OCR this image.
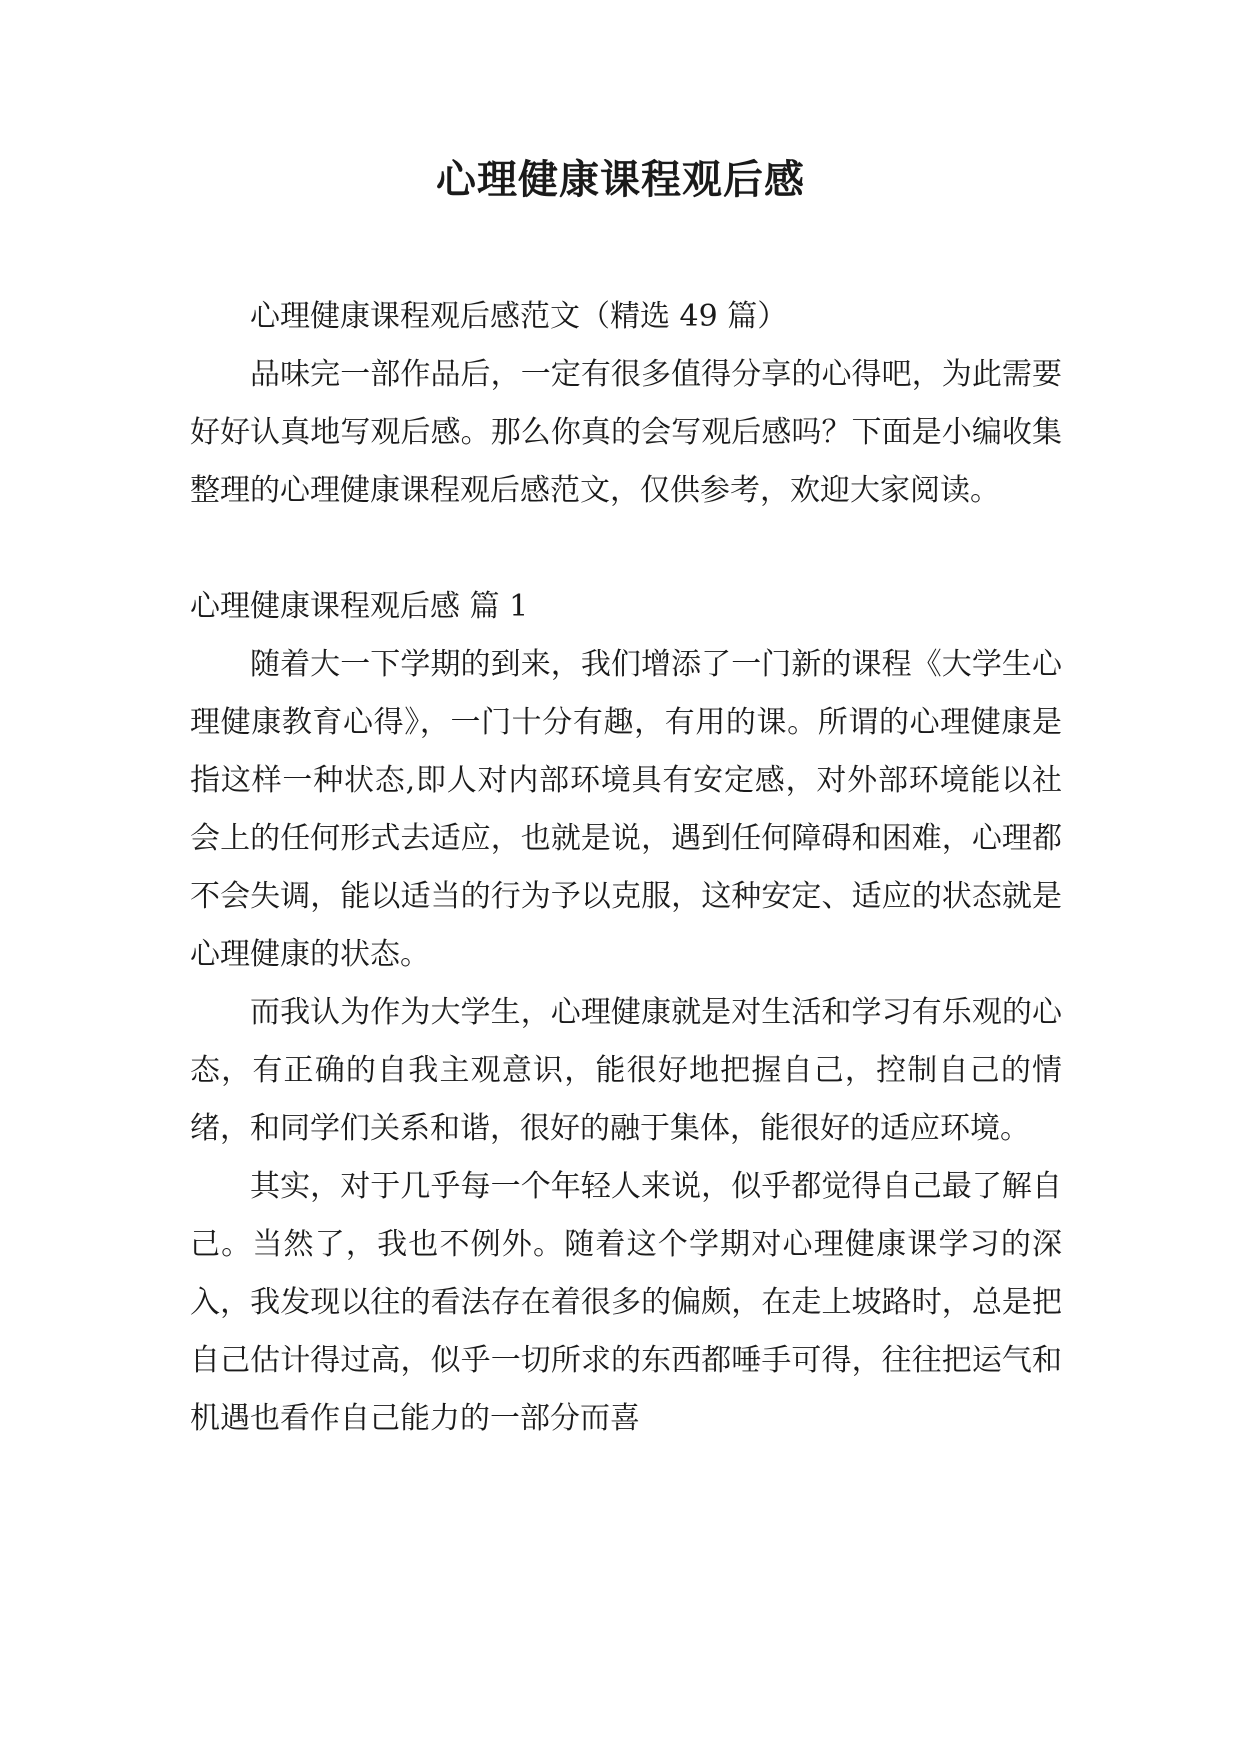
心理健康课程观后感

心理健康课程观后感范文（精选 49 篇）

品味完一部作品后，一定有很多值得分享的心得吧，为此需要好好认真地写观后感。那么你真的会写观后感吗？下面是小编收集整理的心理健康课程观后感范文，仅供参考，欢迎大家阅读。

心理健康课程观后感 篇 1

随着大一下学期的到来，我们增添了一门新的课程《大学生心理健康教育心得》，一门十分有趣，有用的课。所谓的心理健康是指这样一种状态,即人对内部环境具有安定感，对外部环境能以社会上的任何形式去适应，也就是说，遇到任何障碍和困难，心理都不会失调，能以适当的行为予以克服，这种安定、适应的状态就是心理健康的状态。

而我认为作为大学生，心理健康就是对生活和学习有乐观的心态，有正确的自我主观意识，能很好地把握自己，控制自己的情绪，和同学们关系和谐，很好的融于集体，能很好的适应环境。

其实，对于几乎每一个年轻人来说，似乎都觉得自己最了解自己。当然了，我也不例外。随着这个学期对心理健康课学习的深入，我发现以往的看法存在着很多的偏颇，在走上坡路时，总是把自己估计得过高，似乎一切所求的东西都唾手可得，往往把运气和机遇也看作自己能力的一部分而喜
